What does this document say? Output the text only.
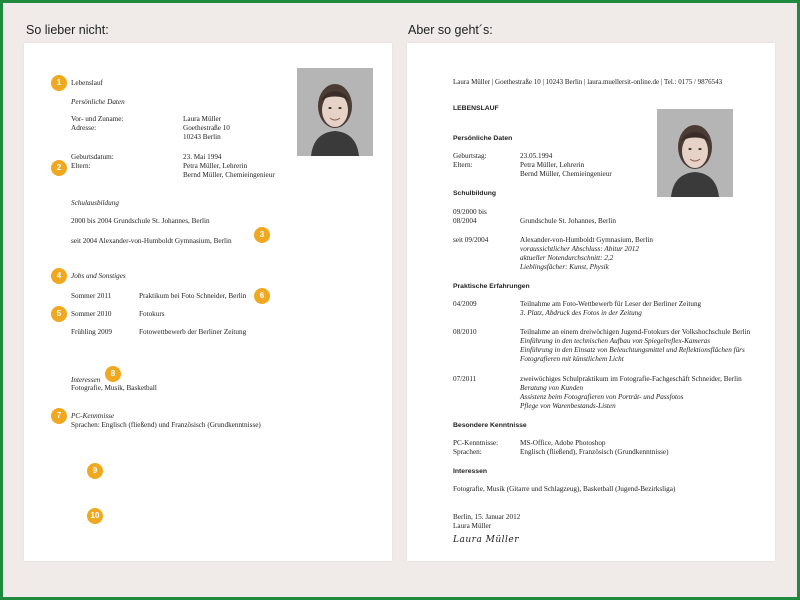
So lieber nicht:	Aber so geht´s:
Lebenslauf
Persönliche Daten
Vor- und Zuname:	Laura Müller
Adresse:	Goethestraße 10
10243 Berlin
Geburtsdatum:	23. Mai 1994
Eltern:	Petra Müller, Lehrerin
Bernd Müller, Chemieingenieur
Schulausbildung
2000 bis 2004 Grundschule St. Johannes, Berlin
seit 2004 Alexander-von-Humboldt Gymnasium, Berlin
Jobs und Sonstiges
Sommer 2011	Praktikum bei Foto Schneider, Berlin
Sommer 2010	Fotokurs
Frühling 2009	Fotowettbewerb der Berliner Zeitung
Interessen
Fotografie, Musik, Basketball
PC-Kenntnisse
Sprachen: Englisch (fließend) und Französisch (Grundkenntnisse)
1
2
3
4
5
6
7
8
9
10
Laura Müller | Goethestraße 10 | 10243 Berlin | laura.muellersit-online.de | Tel.: 0175 / 9876543
LEBENSLAUF
Persönliche Daten
Geburtstag:	23.05.1994
Eltern:	Petra Müller, Lehrerin
Bernd Müller, Chemieingenieur
Schulbildung
09/2000 bis
08/2004	Grundschule St. Johannes, Berlin
seit 09/2004	Alexander-von-Humboldt Gymnasium, Berlin
voraussichtlicher Abschluss: Abitur 2012
aktueller Notendurchschnitt: 2,2
Lieblingsfächer: Kunst, Physik
Praktische Erfahrungen
04/2009	Teilnahme am Foto-Wettbewerb für Leser der Berliner Zeitung
3. Platz, Abdruck des Fotos in der Zeitung
08/2010	Teilnahme an einem dreiwöchigen Jugend-Fotokurs der Volkshochschule Berlin
Einführung in den technischen Aufbau von Spiegelreflex-Kameras
Einführung in den Einsatz von Beleuchtungsmittel und Reflektionsflächen fürs
Fotografieren mit künstlichem Licht
07/2011	zweiwöchiges Schulpraktikum im Fotografie-Fachgeschäft Schneider, Berlin
Beratung von Kunden
Assistenz beim Fotografieren von Porträt- und Passfotos
Pflege von Warenbestands-Listen
Besondere Kenntnisse
PC-Kenntnisse:	MS-Office, Adobe Photoshop
Sprachen:	Englisch (fließend), Französisch (Grundkenntnisse)
Interessen
Fotografie, Musik (Gitarre und Schlagzeug), Basketball (Jugend-Bezirksliga)
Berlin, 15. Januar 2012
Laura Müller
Laura Müller
